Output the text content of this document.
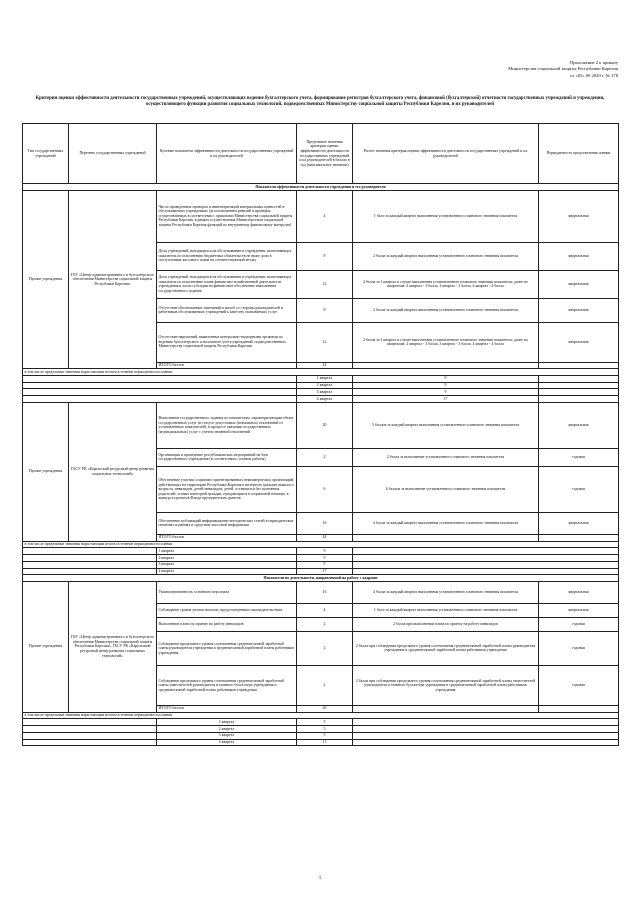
Приложение 2 к приказу
Министерства социальной защиты Республики Карелия
от «05» 06 2020 г. № 378
Критерии оценки эффективности деятельности государственных учреждений, осуществляющих ведение бухгалтерского учета, формирование регистров бухгалтерского учета, финансовой (бухгалтерской) отчетности государственных учреждений и учреждения, осуществляющего функции развития социальных технологий, подведомственных Министерству социальной защиты Республики Карелия, и их руководителей
Тип государственных учреждений	Перечень государственных учреждений	Целевые показатели эффективности деятельности государственных учреждений и их руководителей	Предельные значения критерия оценки эффективности деятельности государственных учреждений и их руководителей в баллах в год (максимальное значение)	Расчет значения критерия оценки эффективности деятельности государственных учреждений и их руководителей	Периодичность представления оценки
Показатели эффективности деятельности учреждения и его руководителя					
Прочие учреждения	ГБУ «Центр административного и бухгалтерского обеспечения Министерства социальной защиты Республики Карелия»	Число проведенных проверок и инвентаризаций материальных ценностей в обслуживаемых учреждениях (за исключением ревизий и проверок, осуществляемых в соответствии с приказами Министерства социальной защиты Республики Карелия, в рамках осуществления Министерством социальной защиты Республики Карелия функций по внутреннему финансовому контролю)	4	1 балл за каждый квартал выполнения установленного планового значения показателя	квартальная
		Доля учреждений, находящихся на обслуживании в учреждении, выполняющих показатель по исполнению бюджетных обязательств не ниже доли в поступлениях кассового плана на соответствующий месяц	8	2 балла за каждый квартал выполнения установленного планового значения показателя	квартальная
		Доля учреждений, находящихся на обслуживании в учреждении, выполняющих показатель по исполнению плана финансово-хозяйственной деятельности учреждения в части субсидии на финансовое обеспечение выполнения государственного задания	12	2 балла за 1 квартал в случае выполнения установленного планового значения показателя; далее по кварталам: 2 квартал - 3 балла, 3 квартал - 3 балла, 4 квартал - 4 балла	квартальная
		Отсутствие обоснованных замечаний и жалоб со стороны руководителей и работников обслуживаемых учреждений к качеству оказываемых услуг	8	2 балла за каждый квартал выполнения установленного планового значения показателя	квартальная
		Отсутствие нарушений, выявленных контрольно-надзорными органами по ведению бухгалтерского и налогового учета учреждений, подведомственных Министерству социальной защиты Республики Карелия	12	2 балла за 1 квартал в случае выполнения установленного планового значения показателя; далее по кварталам: 2 квартал - 3 балла, 3 квартал - 3 балла, 4 квартал - 4 балла	квартальная
		ИТОГО баллов	44		
в том числе предельные значения нарастающим итогом в течение периодичности оценки					
			1 квартал	9	
			2 квартал	9	
			3 квартал	9	
			4 квартал	17	
Прочие учреждения	ГБСУ РК «Карельский ресурсный центр развития социальных технологий»	Выполнение государственного задания по показателям, характеризующим объем государственных услуг (в статусе допустимых (возможных) отклонений от установленных показателей), в процессе оказания государственных (муниципальных) услуг с учетом значений отклонений	20	5 баллов за каждый квартал выполнения установленного планового значения показателя	квартальная
		Организация и проведение республиканских мероприятий на базе государственного учреждения (в соответствии с планом работы)	2	2 балла за выполнение установленного планового значения показателя	годовая
		Обеспечение участия социально ориентированных некоммерческих организаций, действующих на территории Республики Карелия в интересах граждан пожилого возраста, инвалидов, детей-инвалидов, детей, оставшихся без попечения родителей, и иных категорий граждан, нуждающихся в социальной помощи, в конкурсе проектов Фонда президентских грантов	6	6 баллов за выполнение установленного планового значения показателя	годовая
		Обеспечение публикаций информационно-методических статей в периодических печатных изданиях и средствах массовой информации	16	4 балла за каждый квартал выполнения установленного планового значения показателя	квартальная
		ИТОГО баллов	44		
в том числе предельные значения нарастающим итогом в течение периодичности оценки					
		1 квартал	9		
		2 квартал	9		
		3 квартал	9		
		4 квартал	17		
Показатели по деятельности, направленной на работу с кадрами					
Прочие учреждения	ГБУ «Центр административного и бухгалтерского обеспечения Министерства социальной защиты Республики Карелия», ГБСУ РК «Карельский ресурсный центр развития социальных технологий»	Укомплектованность основного персонала	16	4 балла за каждый квартал выполнения установленного планового значения показателя	квартальная
		Соблюдение сроков уплаты налогов, предусмотренных законодательством	4	1 балл за каждый квартал выполнения установленного планового значения показателя	квартальная
		Выполнение плана по приему на работу инвалидов	2	2 балла при выполнении плана по приему на работу инвалидов	годовая
		Соблюдение предельного уровня соотношения среднемесячной заработной платы руководителя учреждения и среднемесячной заработной платы работников учреждения	2	2 балла при соблюдении предельного уровня соотношения среднемесячной заработной платы руководителя учреждения и среднемесячной заработной платы работников учреждения	годовая
		Соблюдение предельного уровня соотношения среднемесячной заработной платы заместителей руководителя и главного бухгалтера учреждения и среднемесячной заработной платы работников учреждения	2	2 балла при соблюдении предельного уровня соотношения среднемесячной заработной платы заместителей руководителя и главного бухгалтера учреждения и среднемесячной заработной платы работников учреждения	годовая
		ИТОГО баллов	26		
в том числе предельные значения нарастающим итогом в течение периодичности оценки					
		1 квартал	5		
		2 квартал	5		
		3 квартал	5		
		4 квартал	11		
1
